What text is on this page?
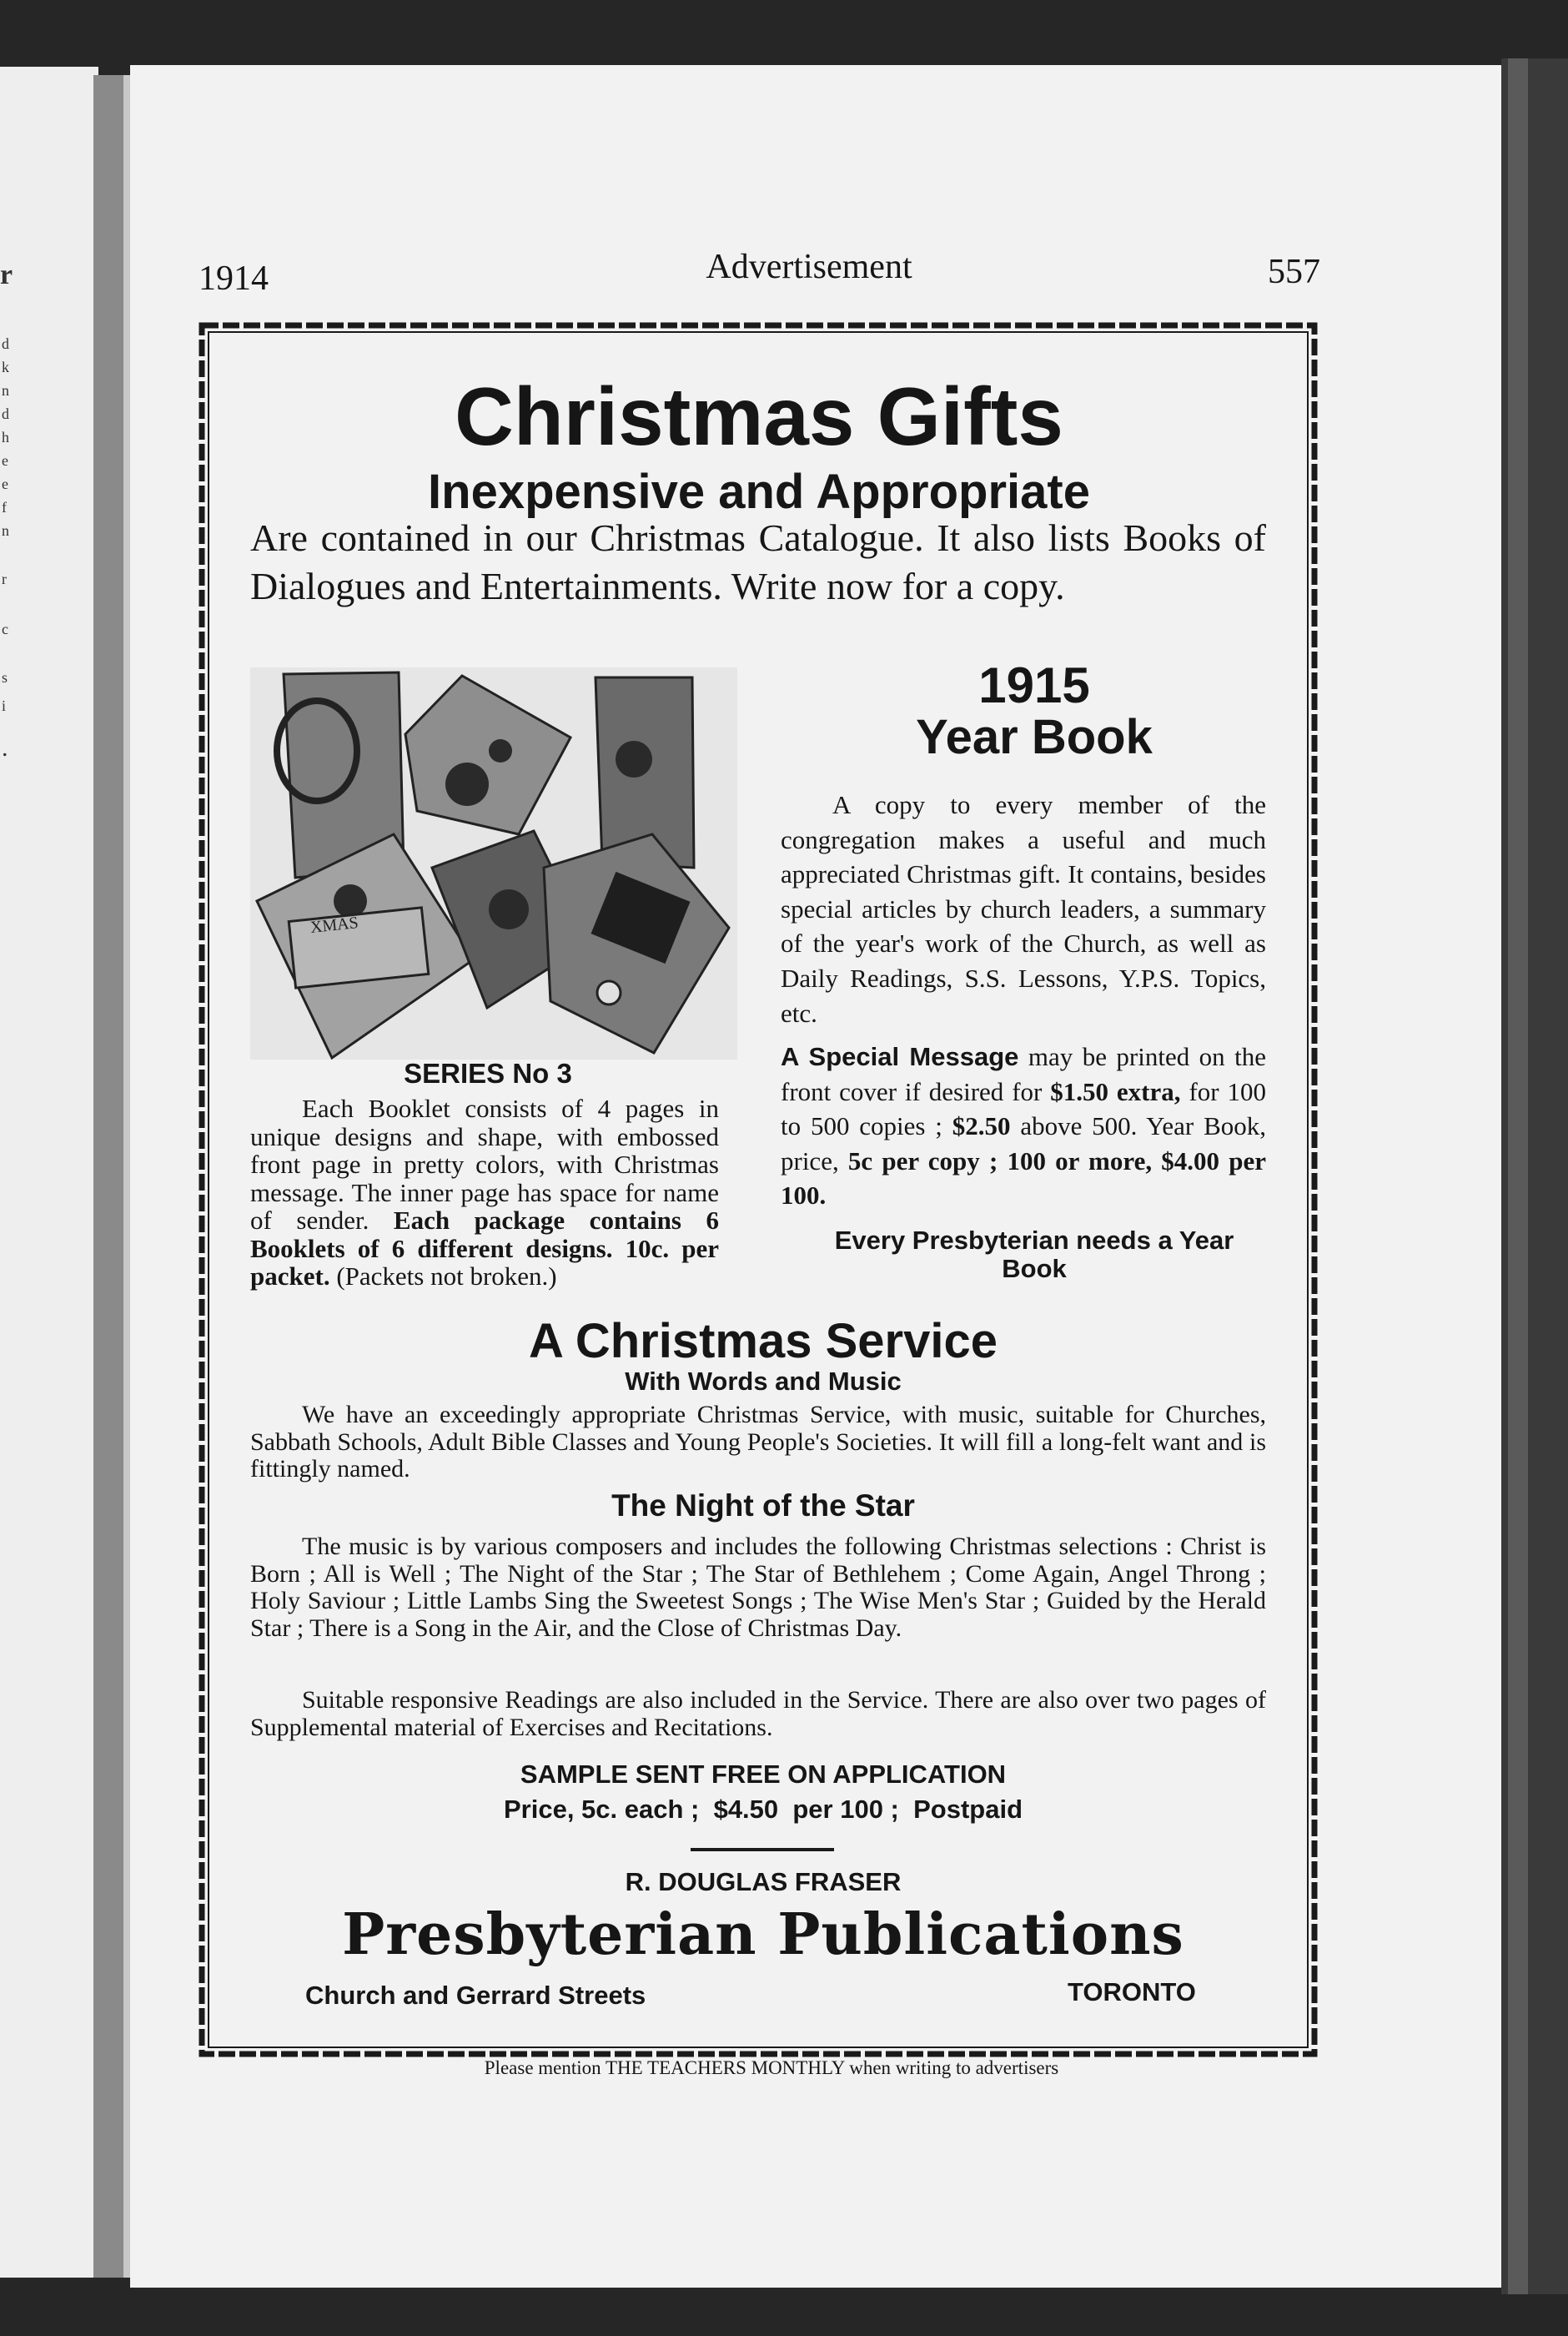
r
d
k
n
d
h
e
e
f
n
r
c
s
i
.
1914	Advertisement	557
Christmas Gifts
Inexpensive and Appropriate
Are contained in our Christmas Catalogue. It also lists Books of Dialogues and Entertainments. Write now for a copy.
XMAS
SERIES No 3
Each Booklet consists of 4 pages in unique designs and shape, with embossed front page in pretty colors, with Christmas message. The inner page has space for name of sender. Each package contains 6 Booklets of 6 different designs. 10c. per packet. (Packets not broken.)
1915
Year Book
A copy to every member of the congregation makes a useful and much appreciated Christmas gift. It contains, besides special articles by church leaders, a summary of the year's work of the Church, as well as Daily Readings, S.S. Lessons, Y.P.S. Topics, etc.
A Special Message may be printed on the front cover if desired for $1.50 extra, for 100 to 500 copies ; $2.50 above 500. Year Book, price, 5c per copy ; 100 or more, $4.00 per 100.
Every Presbyterian needs a Year Book
A Christmas Service
With Words and Music
We have an exceedingly appropriate Christmas Service, with music, suitable for Churches, Sabbath Schools, Adult Bible Classes and Young People's Societies. It will fill a long-felt want and is fittingly named.
The Night of the Star
The music is by various composers and includes the following Christmas selections : Christ is Born ; All is Well ; The Night of the Star ; The Star of Bethlehem ; Come Again, Angel Throng ; Holy Saviour ; Little Lambs Sing the Sweetest Songs ; The Wise Men's Star ; Guided by the Herald Star ; There is a Song in the Air, and the Close of Christmas Day.
Suitable responsive Readings are also included in the Service. There are also over two pages of Supplemental material of Exercises and Recitations.
SAMPLE SENT FREE ON APPLICATION
Price, 5c. each ;  $4.50  per 100 ;  Postpaid
R. DOUGLAS FRASER
Presbyterian Publications
Church and Gerrard Streets	TORONTO
Please mention THE TEACHERS MONTHLY when writing to advertisers
